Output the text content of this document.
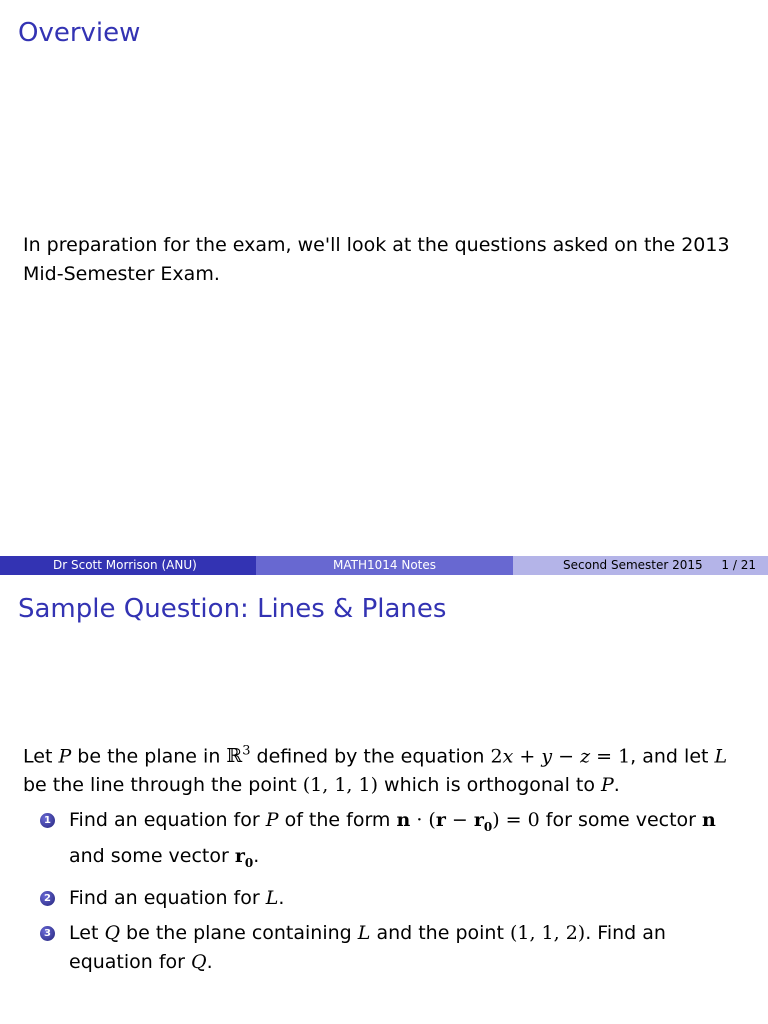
Overview
In preparation for the exam, we'll look at the questions asked on the 2013 Mid-Semester Exam.
Dr Scott Morrison (ANU)	MATH1014 Notes	Second Semester 2015 1 / 21
Sample Question: Lines & Planes
Let P be the plane in ℝ$^3$ defined by the equation 2x + y − z = 1, and let L be the line through the point (1, 1, 1) which is orthogonal to P.
1 Find an equation for P of the form $n \cdot (r - r_0) = 0$ for some vector n and some vector $r_0$.
2 Find an equation for L.
3 Let Q be the plane containing L and the point (1, 1, 2). Find an equation for Q.
